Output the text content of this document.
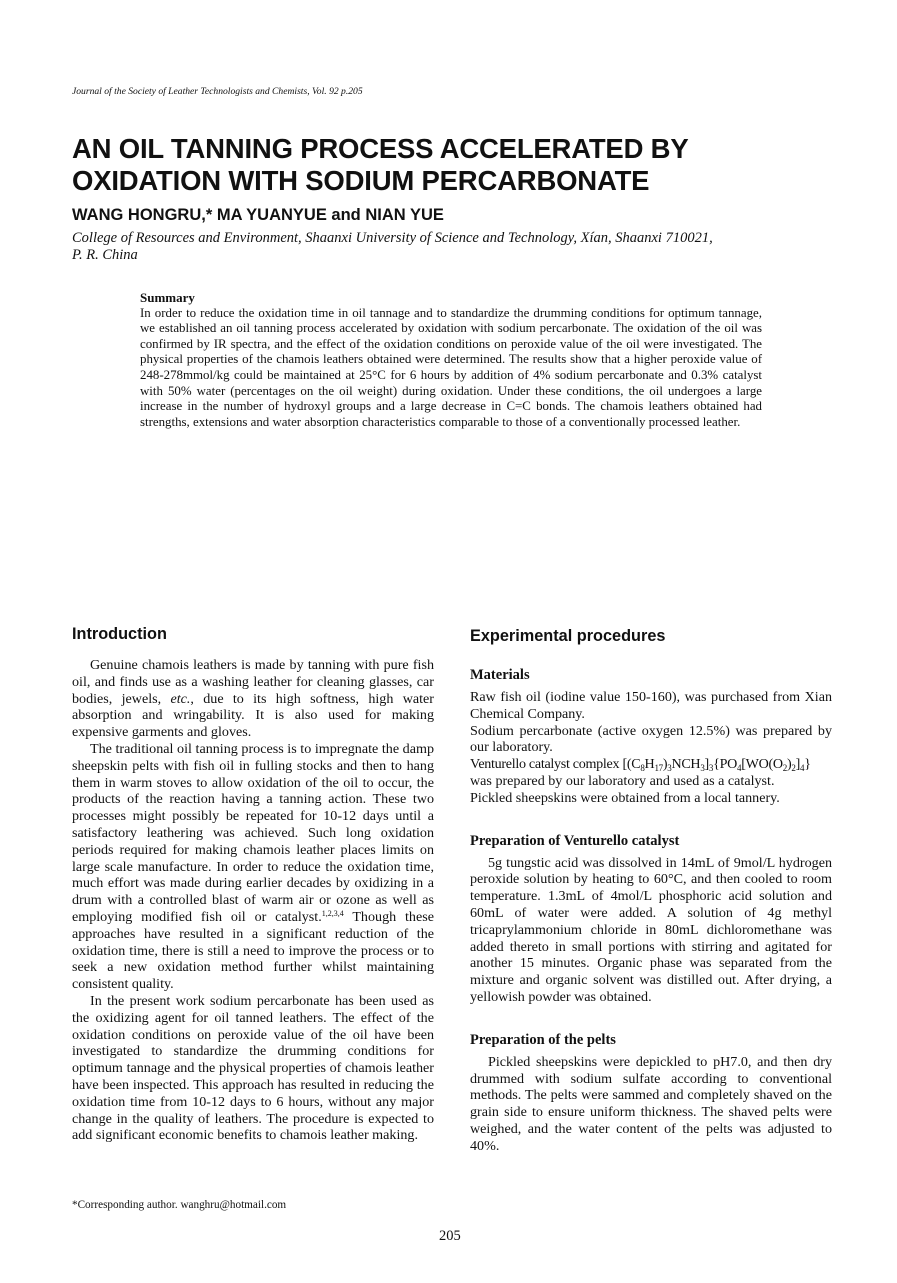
Journal of the Society of Leather Technologists and Chemists, Vol. 92 p.205
AN OIL TANNING PROCESS ACCELERATED BY
OXIDATION WITH SODIUM PERCARBONATE
WANG HONGRU,* MA YUANYUE and NIAN YUE
College of Resources and Environment, Shaanxi University of Science and Technology, Xían, Shaanxi 710021,
P. R. China
Summary

In order to reduce the oxidation time in oil tannage and to standardize the drumming conditions for optimum tannage, we established an oil tanning process accelerated by oxidation with sodium percarbonate. The oxidation of the oil was confirmed by IR spectra, and the effect of the oxidation conditions on peroxide value of the oil were investigated. The physical properties of the chamois leathers obtained were determined. The results show that a higher peroxide value of 248-278mmol/kg could be maintained at 25°C for 6 hours by addition of 4% sodium percarbonate and 0.3% catalyst with 50% water (percentages on the oil weight) during oxidation. Under these conditions, the oil undergoes a large increase in the number of hydroxyl groups and a large decrease in C=C bonds. The chamois leathers obtained had strengths, extensions and water absorption characteristics comparable to those of a conventionally processed leather.

Introduction

Genuine chamois leathers is made by tanning with pure fish oil, and finds use as a washing leather for cleaning glasses, car bodies, jewels, etc., due to its high softness, high water absorption and wringability. It is also used for making expensive garments and gloves.

The traditional oil tanning process is to impregnate the damp sheepskin pelts with fish oil in fulling stocks and then to hang them in warm stoves to allow oxidation of the oil to occur, the products of the reaction having a tanning action. These two processes might possibly be repeated for 10-12 days until a satisfactory leathering was achieved. Such long oxidation periods required for making chamois leather places limits on large scale manufacture. In order to reduce the oxidation time, much effort was made during earlier decades by oxidizing in a drum with a controlled blast of warm air or ozone as well as employing modified fish oil or catalyst.$^{1,2,3,4}$ Though these approaches have resulted in a significant reduction of the oxidation time, there is still a need to improve the process or to seek a new oxidation method further whilst maintaining consistent quality.

In the present work sodium percarbonate has been used as the oxidizing agent for oil tanned leathers. The effect of the oxidation conditions on peroxide value of the oil have been investigated to standardize the drumming conditions for optimum tannage and the physical properties of chamois leather have been inspected. This approach has resulted in reducing the oxidation time from 10-12 days to 6 hours, without any major change in the quality of leathers. The procedure is expected to add significant economic benefits to chamois leather making.

Experimental procedures
Materials

Raw fish oil (iodine value 150-160), was purchased from Xian Chemical Company.

Sodium percarbonate (active oxygen 12.5%) was prepared by our laboratory.

Venturello catalyst complex $[(C_8H_{17})_3NCH_3]_3\{PO_4[WO(O_2)_2]_4\}$

was prepared by our laboratory and used as a catalyst.

Pickled sheepskins were obtained from a local tannery.

Preparation of Venturello catalyst

5g tungstic acid was dissolved in 14mL of 9mol/L hydrogen peroxide solution by heating to 60°C, and then cooled to room temperature. 1.3mL of 4mol/L phosphoric acid solution and 60mL of water were added. A solution of 4g methyl tricaprylammonium chloride in 80mL dichloromethane was added thereto in small portions with stirring and agitated for another 15 minutes. Organic phase was separated from the mixture and organic solvent was distilled out. After drying, a yellowish powder was obtained.

Preparation of the pelts

Pickled sheepskins were depickled to pH7.0, and then dry drummed with sodium sulfate according to conventional methods. The pelts were sammed and completely shaved on the grain side to ensure uniform thickness. The shaved pelts were weighed, and the water content of the pelts was adjusted to 40%.

*Corresponding author. wanghru@hotmail.com
205
